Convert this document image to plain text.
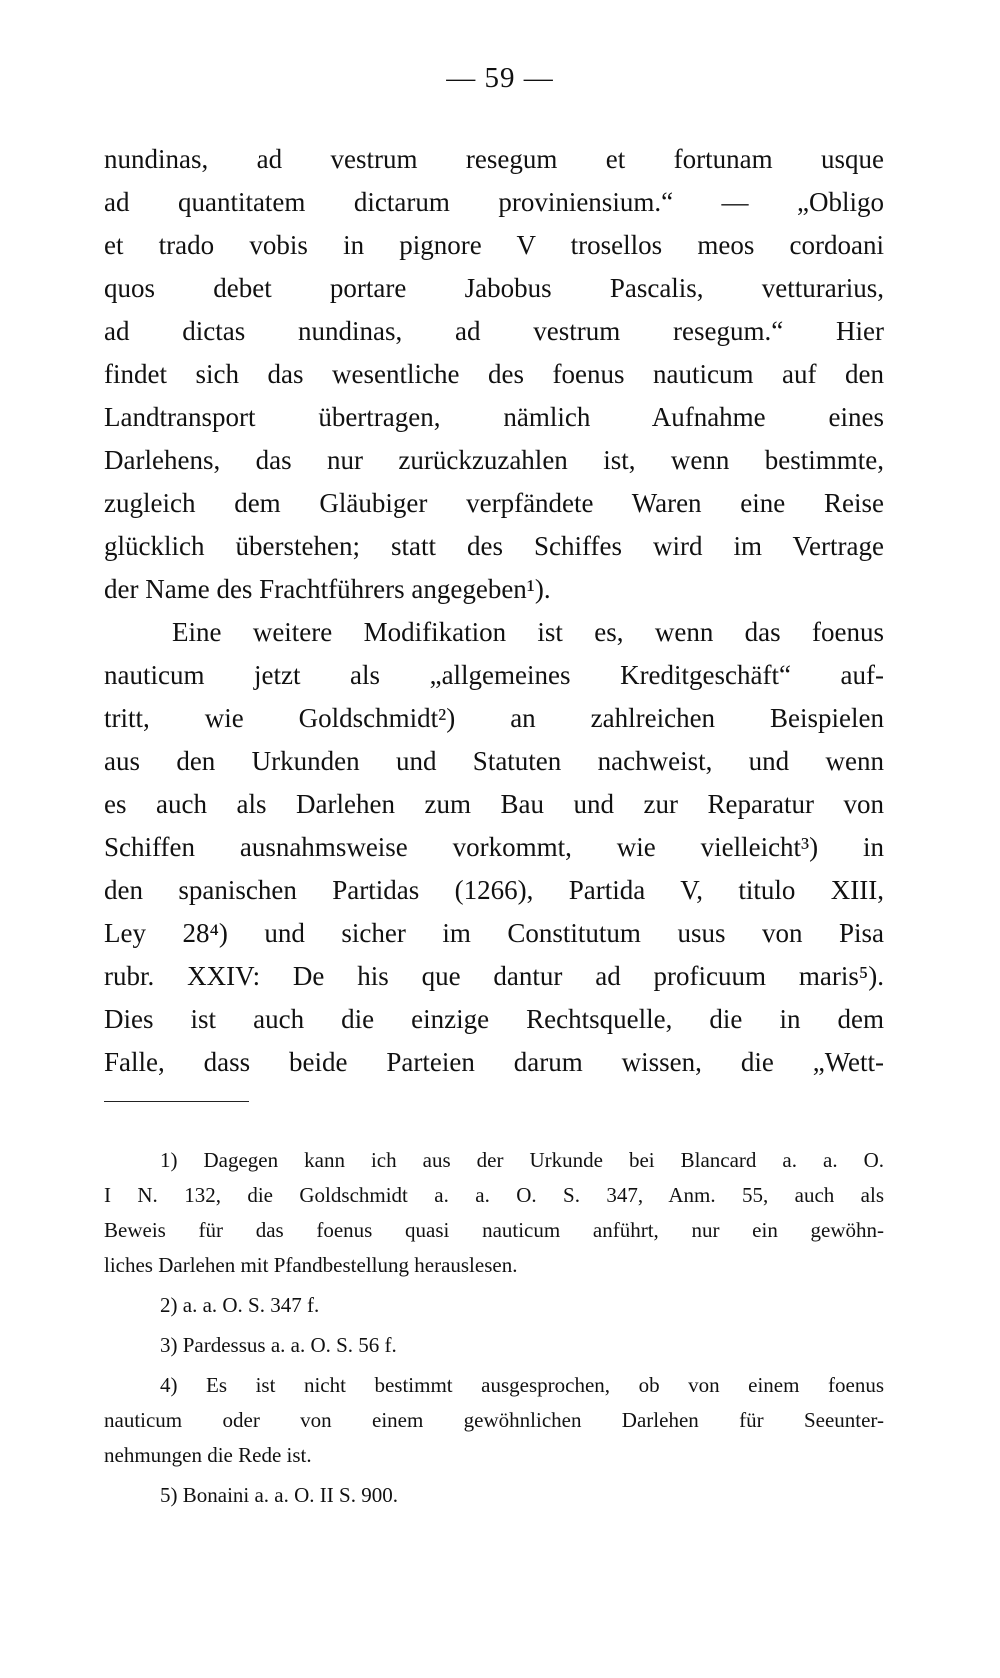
— 59 —
nundinas, ad vestrum resegum et fortunam usque
ad quantitatem dictarum proviniensium.“ — „Obligo
et trado vobis in pignore V trosellos meos cordoani
quos debet portare Jabobus Pascalis, vetturarius,
ad dictas nundinas, ad vestrum resegum.“ Hier
findet sich das wesentliche des foenus nauticum auf den
Landtransport übertragen, nämlich Aufnahme eines
Darlehens, das nur zurückzuzahlen ist, wenn bestimmte,
zugleich dem Gläubiger verpfändete Waren eine Reise
glücklich überstehen; statt des Schiffes wird im Vertrage
der Name des Frachtführers angegeben¹).
Eine weitere Modifikation ist es, wenn das foenus
nauticum jetzt als „allgemeines Kreditgeschäft“ auf-
tritt, wie Goldschmidt²) an zahlreichen Beispielen
aus den Urkunden und Statuten nachweist, und wenn
es auch als Darlehen zum Bau und zur Reparatur von
Schiffen ausnahmsweise vorkommt, wie vielleicht³) in
den spanischen Partidas (1266), Partida V, titulo XIII,
Ley 28⁴) und sicher im Constitutum usus von Pisa
rubr. XXIV: De his que dantur ad proficuum maris⁵).
Dies ist auch die einzige Rechtsquelle, die in dem
Falle, dass beide Parteien darum wissen, die „Wett-
1) Dagegen kann ich aus der Urkunde bei Blancard a. a. O.
I N. 132, die Goldschmidt a. a. O. S. 347, Anm. 55, auch als
Beweis für das foenus quasi nauticum anführt, nur ein gewöhn-
liches Darlehen mit Pfandbestellung herauslesen.
2) a. a. O. S. 347 f.
3) Pardessus a. a. O. S. 56 f.
4) Es ist nicht bestimmt ausgesprochen, ob von einem foenus
nauticum oder von einem gewöhnlichen Darlehen für Seeunter-
nehmungen die Rede ist.
5) Bonaini a. a. O. II S. 900.
